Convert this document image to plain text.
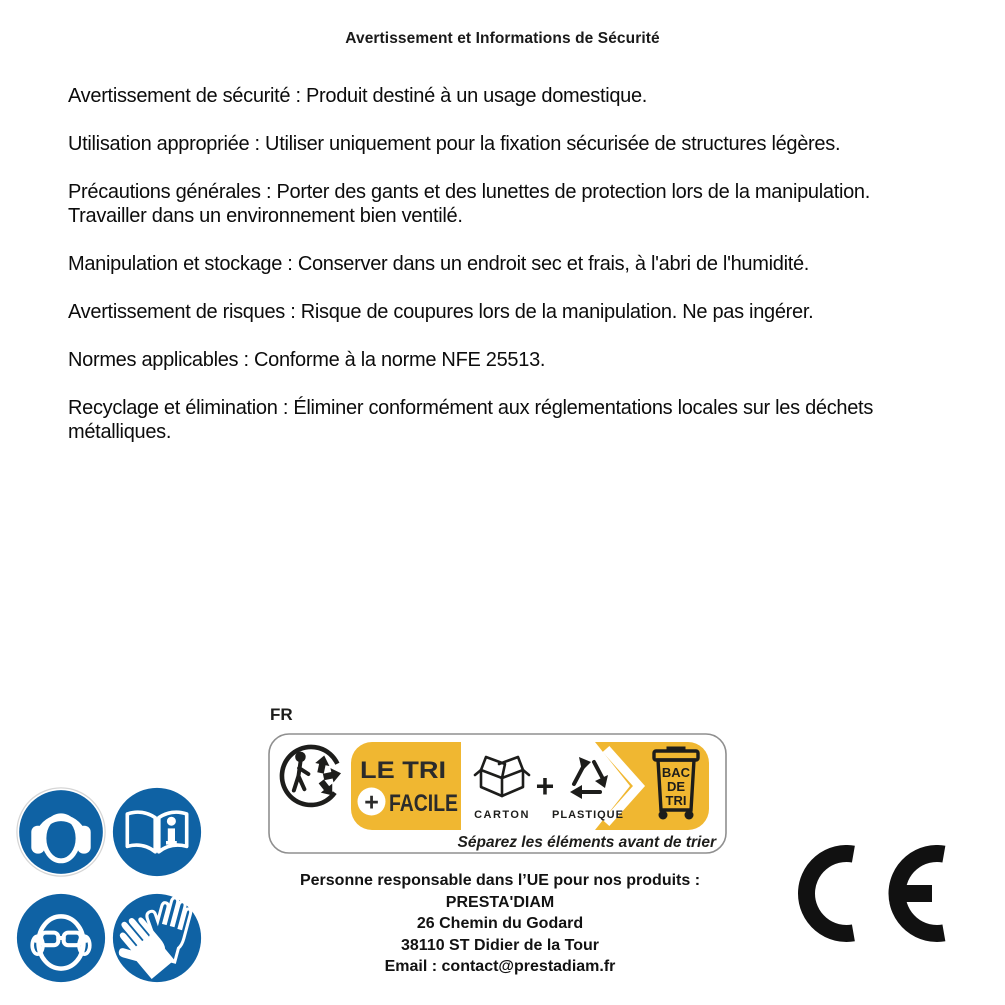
Avertissement et Informations de Sécurité

Avertissement de sécurité : Produit destiné à un usage domestique.

Utilisation appropriée : Utiliser uniquement pour la fixation sécurisée de structures légères.

Précautions générales : Porter des gants et des lunettes de protection lors de la manipulation.
Travailler dans un environnement bien ventilé.

Manipulation et stockage : Conserver dans un endroit sec et frais, à l'abri de l'humidité.

Avertissement de risques : Risque de coupures lors de la manipulation. Ne pas ingérer.

Normes applicables : Conforme à la norme NFE 25513.

Recyclage et élimination : Éliminer conformément aux réglementations locales sur les déchets
métalliques.

FR
LE TRI
+ FACILE CARTON
+
PLASTIQUE
BAC
DE
TRI
Séparez les éléments avant de trier
Personne responsable dans l’UE pour nos produits :
PRESTA'DIAM
26 Chemin du Godard
38110 ST Didier de la Tour
Email : contact@prestadiam.fr
